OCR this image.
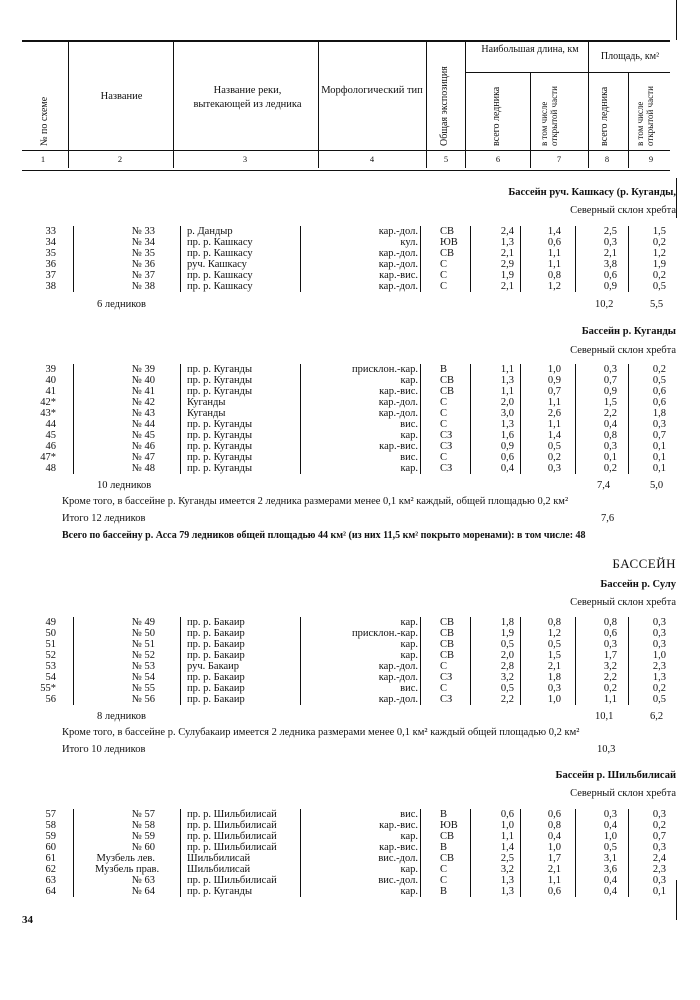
№ по схеме
Название
Название реки, вытекающей из ледника
Морфологический тип Общая экспозиция
Наибольшая длина, км
всего ледника	в том числе открытой части
Площадь, км²
всего ледника	в том числе открытой части
1	2	3	4	5	6	7	8	9
Бассейн руч. Кашкасу (р. Куганды,
Северный склон хребта
33	№ 33	р. Дандыр	кар.-дол. СВ	2,4	1,4	2,5	1,5
34	№ 34	пр. р. Кашкасу	кул. ЮВ	1,3	0,6	0,3	0,2
35	№ 35	пр. р. Кашкасу	кар.-дол. СВ	2,1	1,1	2,1	1,2
36	№ 36	руч. Кашкасу	кар.-дол. С	2,9	1,1	3,8	1,9
37	№ 37	пр. р. Кашкасу	кар.-вис. С	1,9	0,8	0,6	0,2
38	№ 38	пр. р. Кашкасу	кар.-дол. С	2,1	1,2	0,9	0,5
6 ледников	10,2	5,5
Бассейн р. Куганды
Северный склон хребта
39	№ 39	пр. р. Куганды	присклон.-кар. В	1,1	1,0	0,3	0,2
40	№ 40	пр. р. Куганды	кар. СВ	1,3	0,9	0,7	0,5
41	№ 41	пр. р. Куганды	кар.-вис. СВ	1,1	0,7	0,9	0,6
42*	№ 42	Куганды	кар.-дол. С	2,0	1,1	1,5	0,6
43*	№ 43	Куганды	кар.-дол. С	3,0	2,6	2,2	1,8
44	№ 44	пр. р. Куганды	вис. С	1,3	1,1	0,4	0,3
45	№ 45	пр. р. Куганды	кар. СЗ	1,6	1,4	0,8	0,7
46	№ 46	пр. р. Куганды	кар.-вис. СЗ	0,9	0,5	0,3	0,1
47*	№ 47	пр. р. Куганды	вис. С	0,6	0,2	0,1	0,1
48	№ 48	пр. р. Куганды	кар. СЗ	0,4	0,3	0,2	0,1
10 ледников	7,4	5,0
Кроме того, в бассейне р. Куганды имеется 2 ледника размерами менее 0,1 км² каждый, общей площадью 0,2 км²
Итого 12 ледников	7,6
Всего по бассейну р. Асса 79 ледников общей площадью 44 км² (из них 11,5 км² покрыто моренами): в том числе: 48
БАССЕЙН
Бассейн р. Сулу
Северный склон хребта
49	№ 49	пр. р. Бакаир	кар. СВ	1,8	0,8	0,8	0,3
50	№ 50	пр. р. Бакаир	присклон.-кар. СВ	1,9	1,2	0,6	0,3
51	№ 51	пр. р. Бакаир	кар. СВ	0,5	0,5	0,3	0,3
52	№ 52	пр. р. Бакаир	кар. СВ	2,0	1,5	1,7	1,0
53	№ 53	руч. Бакаир	кар.-дол. С	2,8	2,1	3,2	2,3
54	№ 54	пр. р. Бакаир	кар.-дол. СЗ	3,2	1,8	2,2	1,3
55*	№ 55	пр. р. Бакаир	вис. С	0,5	0,3	0,2	0,2
56	№ 56	пр. р. Бакаир	кар.-дол. СЗ	2,2	1,0	1,1	0,5
8 ледников	10,1	6,2
Кроме того, в бассейне р. Сулубакаир имеется 2 ледника размерами менее 0,1 км² каждый общей площадью 0,2 км²
Итого 10 ледников	10,3
Бассейн р. Шильбилисай
Северный склон хребта
57	№ 57	пр. р. Шильбилисай	вис. В	0,6	0,6	0,3	0,3
58	№ 58	пр. р. Шильбилисай	кар.-вис. ЮВ	1,0	0,8	0,4	0,2
59	№ 59	пр. р. Шильбилисай	кар. СВ	1,1	0,4	1,0	0,7
60	№ 60	пр. р. Шильбилисай	кар.-вис. В	1,4	1,0	0,5	0,3
61	Музбель лев.	Шильбилисай	вис.-дол. СВ	2,5	1,7	3,1	2,4
62	Музбель прав.	Шильбилисай	кар. С	3,2	2,1	3,6	2,3
63	№ 63	пр. р. Шильбилисай	вис.-дол. С	1,3	1,1	0,4	0,3
64	№ 64	пр. р. Куганды	кар. В	1,3	0,6	0,4	0,1
34
